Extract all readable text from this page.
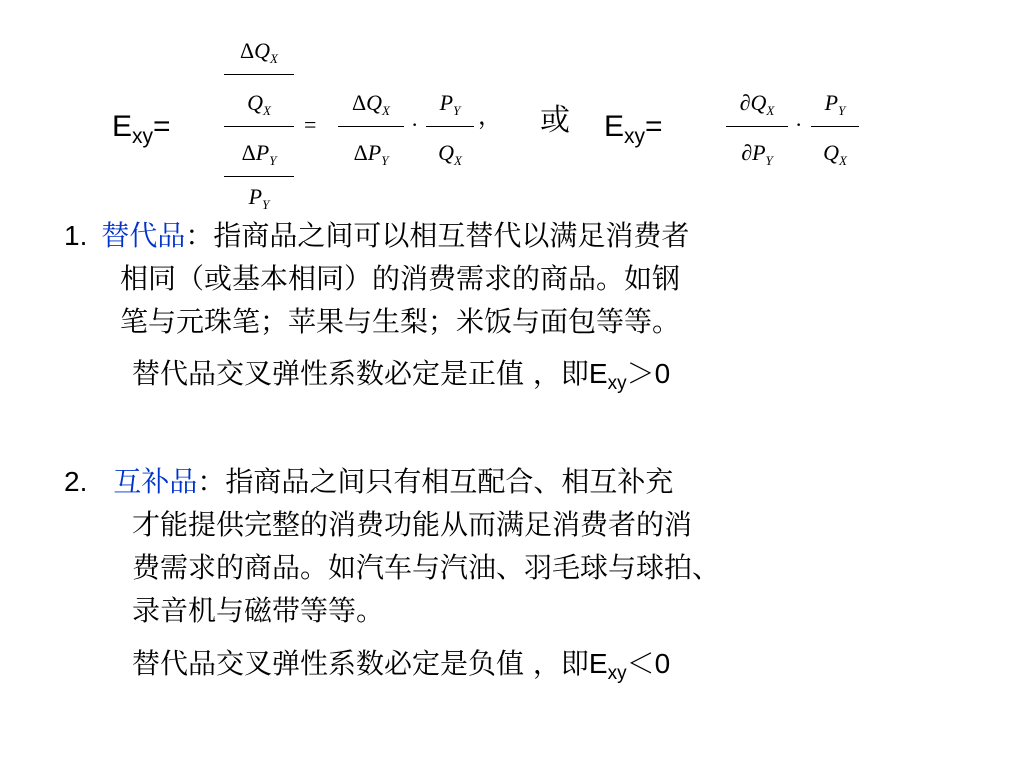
$E_{xy}=$
$\Delta Q_X$
$Q_X$
$\Delta P_Y$
$P_Y$
=
$\Delta Q_X$
$\Delta P_Y$
·
$P_Y$
$Q_X$
， 或 $E_{xy}=$
$\partial Q_X$
$\partial P_Y$
·
$P_Y$
$Q_X$
1. 替代品：指商品之间可以相互替代以满足消费者
相同（或基本相同）的消费需求的商品。如钢
笔与元珠笔；苹果与生梨；米饭与面包等等。
替代品交叉弹性系数必定是正值 ，即$E_{xy}>0$
2. 互补品：指商品之间只有相互配合、相互补充
才能提供完整的消费功能从而满足消费者的消
费需求的商品。如汽车与汽油、羽毛球与球拍、
录音机与磁带等等。
替代品交叉弹性系数必定是负值 ，即$E_{xy}<0$
